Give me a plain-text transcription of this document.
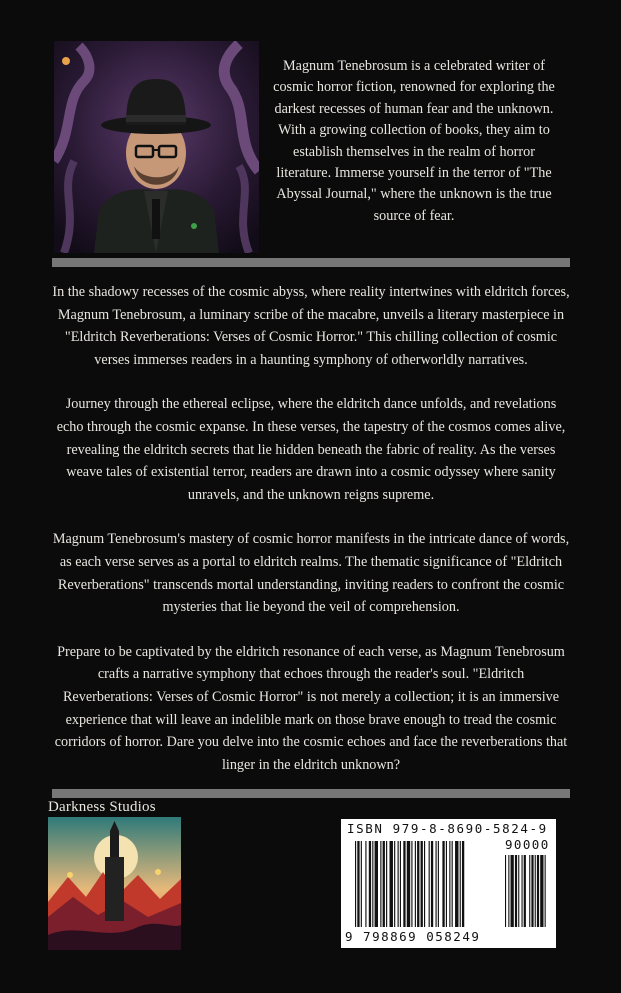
Magnum Tenebrosum is a celebrated writer of cosmic horror fiction, renowned for exploring the darkest recesses of human fear and the unknown. With a growing collection of books, they aim to establish themselves in the realm of horror literature. Immerse yourself in the terror of "The Abyssal Journal," where the unknown is the true source of fear.

In the shadowy recesses of the cosmic abyss, where reality intertwines with eldritch forces, Magnum Tenebrosum, a luminary scribe of the macabre, unveils a literary masterpiece in "Eldritch Reverberations: Verses of Cosmic Horror." This chilling collection of cosmic verses immerses readers in a haunting symphony of otherworldly narratives.

Journey through the ethereal eclipse, where the eldritch dance unfolds, and revelations echo through the cosmic expanse. In these verses, the tapestry of the cosmos comes alive, revealing the eldritch secrets that lie hidden beneath the fabric of reality. As the verses weave tales of existential terror, readers are drawn into a cosmic odyssey where sanity unravels, and the unknown reigns supreme.

Magnum Tenebrosum's mastery of cosmic horror manifests in the intricate dance of words, as each verse serves as a portal to eldritch realms. The thematic significance of "Eldritch Reverberations" transcends mortal understanding, inviting readers to confront the cosmic mysteries that lie beyond the veil of comprehension.

Prepare to be captivated by the eldritch resonance of each verse, as Magnum Tenebrosum crafts a narrative symphony that echoes through the reader's soul. "Eldritch Reverberations: Verses of Cosmic Horror" is not merely a collection; it is an immersive experience that will leave an indelible mark on those brave enough to tread the cosmic corridors of horror. Dare you delve into the cosmic echoes and face the reverberations that linger in the eldritch unknown?

Darkness Studios
ISBN 979-8-8690-5824-9
90000
9 798869 058249
